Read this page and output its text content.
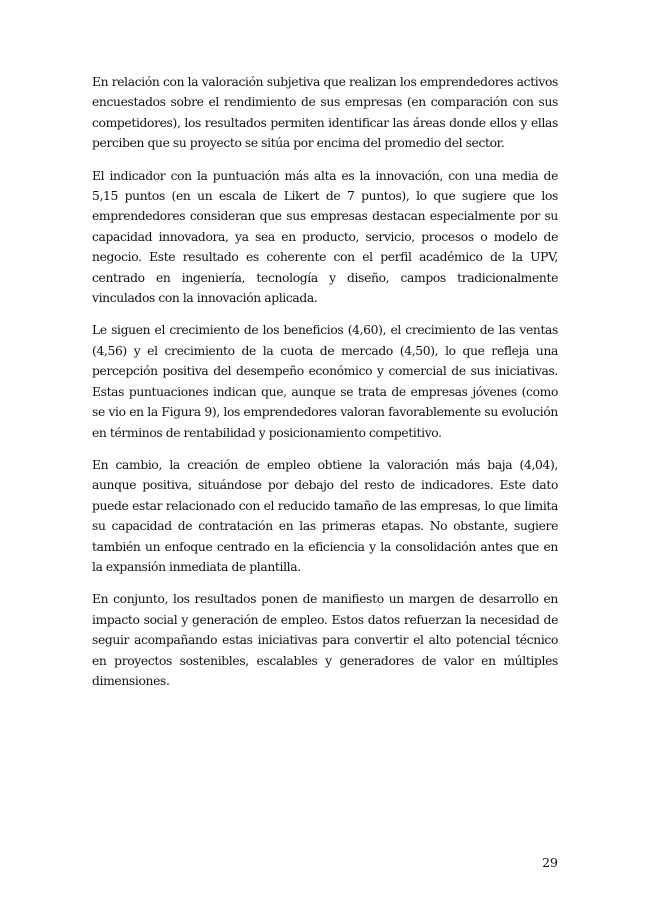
En relación con la valoración subjetiva que realizan los emprendedores activos encuestados sobre el rendimiento de sus empresas (en comparación con sus competidores), los resultados permiten identificar las áreas donde ellos y ellas perciben que su proyecto se sitúa por encima del promedio del sector.

El indicador con la puntuación más alta es la innovación, con una media de 5,15 puntos (en un escala de Likert de 7 puntos), lo que sugiere que los emprendedores consideran que sus empresas destacan especialmente por su capacidad innovadora, ya sea en producto, servicio, procesos o modelo de negocio. Este resultado es coherente con el perfil académico de la UPV, centrado en ingeniería, tecnología y diseño, campos tradicionalmente vinculados con la innovación aplicada.

Le siguen el crecimiento de los beneficios (4,60), el crecimiento de las ventas (4,56) y el crecimiento de la cuota de mercado (4,50), lo que refleja una percepción positiva del desempeño económico y comercial de sus iniciativas. Estas puntuaciones indican que, aunque se trata de empresas jóvenes (como se vio en la Figura 9), los emprendedores valoran favorablemente su evolución en términos de rentabilidad y posicionamiento competitivo.

En cambio, la creación de empleo obtiene la valoración más baja (4,04), aunque positiva, situándose por debajo del resto de indicadores. Este dato puede estar relacionado con el reducido tamaño de las empresas, lo que limita su capacidad de contratación en las primeras etapas. No obstante, sugiere también un enfoque centrado en la eficiencia y la consolidación antes que en la expansión inmediata de plantilla.

En conjunto, los resultados ponen de manifiesto un margen de desarrollo en impacto social y generación de empleo. Estos datos refuerzan la necesidad de seguir acompañando estas iniciativas para convertir el alto potencial técnico en proyectos sostenibles, escalables y generadores de valor en múltiples dimensiones.

29
